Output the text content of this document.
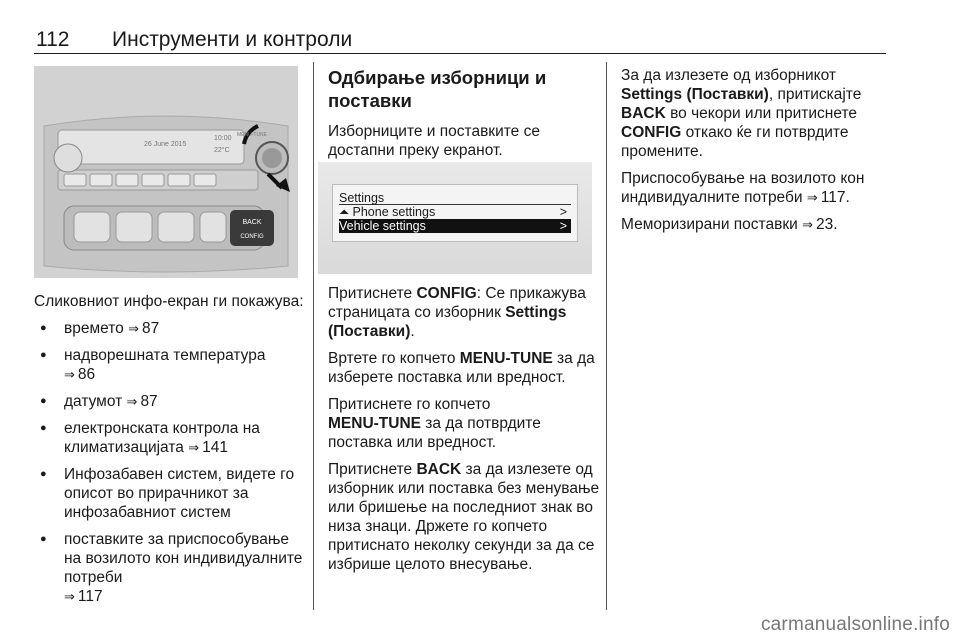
112	Инструменти и контроли
BACK
CONFIG
26 June 2015
10:00
22°C
MENU-TUNE

Сликовниот инфо-екран ги покажува:

● времето ⇒ 87
● надворешната температура
⇒ 86
● датумот ⇒ 87
● електронската контрола на климатизацијата ⇒ 141
● Инфозабавен систем, видете го описот во прирачникот за инфозабавниот систем
● поставките за приспособување на возилото кон индивидуалните потреби
⇒ 117
Одбирање изборници и поставки

Изборниците и поставките се достапни преку екранот.

Settings
⏶ Phone settings	>
Vehicle settings	>

Притиснете CONFIG: Се прикажува страницата со изборник Settings (Поставки).

Вртете го копчето MENU-TUNE за да изберете поставка или вредност.

Притиснете го копчето
MENU-TUNE за да потврдите поставка или вредност.

Притиснете BACK за да излезете од изборник или поставка без менување или бришење на последниот знак во низа знаци. Држете го копчето притиснато неколку секунди за да се избрише целото внесување.

За да излезете од изборникот Settings (Поставки), притискајте BACK во чекори или притиснете CONFIG откако ќе ги потврдите промените.

Приспособување на возилото кон индивидуалните потреби ⇒ 117.

Меморизирани поставки ⇒ 23.

carmanualsonline.info
